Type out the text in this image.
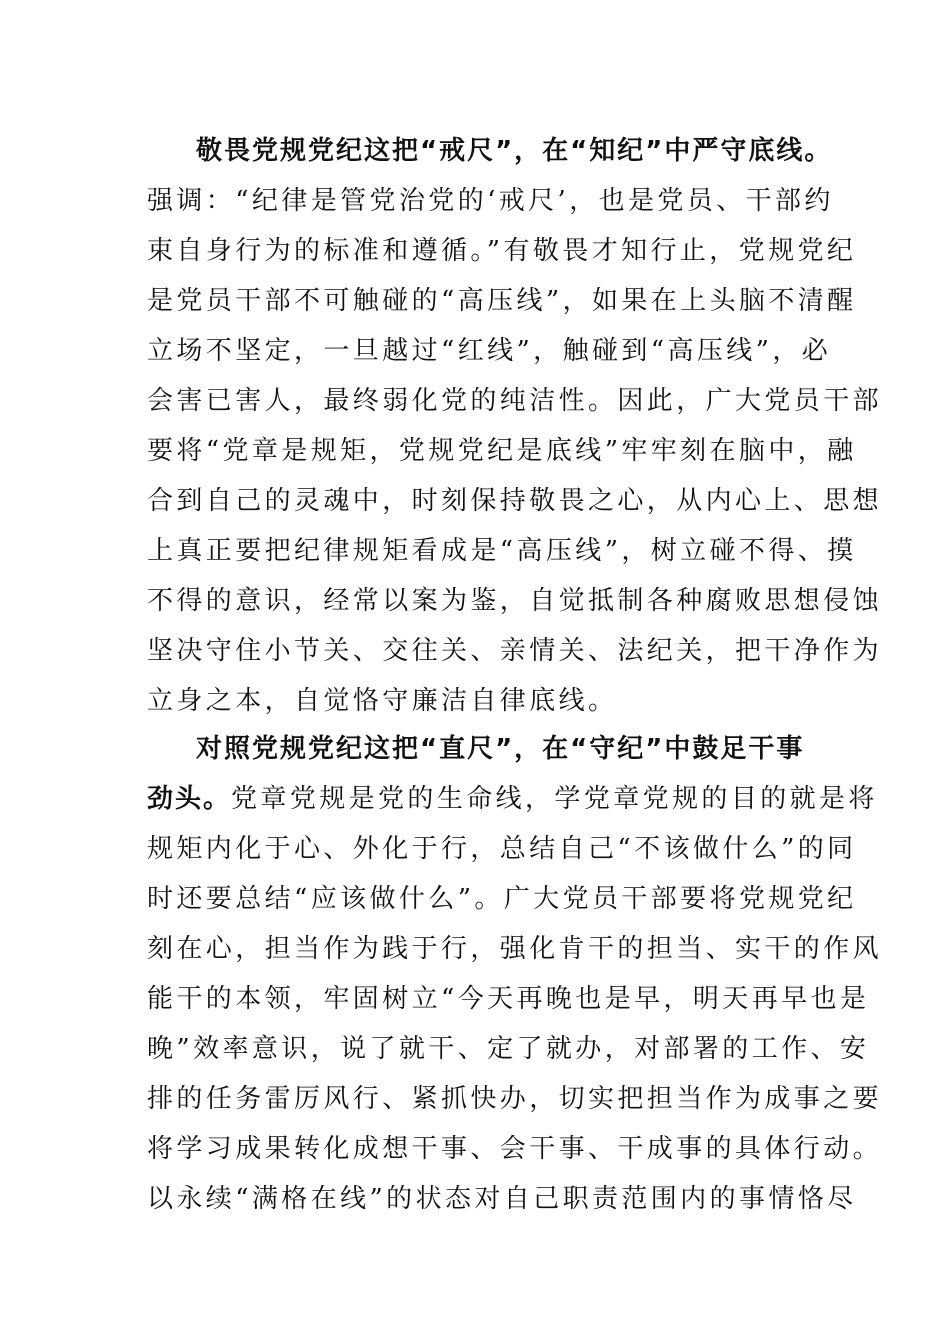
敬畏党规党纪这把“戒尺”，在“知纪”中严守底线。
强调：“纪律是管党治党的‘戒尺’，也是党员、干部约
束自身行为的标准和遵循。”有敬畏才知行止，党规党纪
是党员干部不可触碰的“高压线”，如果在上头脑不清醒
立场不坚定，一旦越过“红线”，触碰到“高压线”，必
会害已害人，最终弱化党的纯洁性。因此，广大党员干部
要将“党章是规矩，党规党纪是底线”牢牢刻在脑中，融
合到自己的灵魂中，时刻保持敬畏之心，从内心上、思想
上真正要把纪律规矩看成是“高压线”，树立碰不得、摸
不得的意识，经常以案为鉴，自觉抵制各种腐败思想侵蚀
坚决守住小节关、交往关、亲情关、法纪关，把干净作为
立身之本，自觉恪守廉洁自律底线。
对照党规党纪这把“直尺”，在“守纪”中鼓足干事
劲头。党章党规是党的生命线，学党章党规的目的就是将
规矩内化于心、外化于行，总结自己“不该做什么”的同
时还要总结“应该做什么”。广大党员干部要将党规党纪
刻在心，担当作为践于行，强化肯干的担当、实干的作风
能干的本领，牢固树立“今天再晚也是早，明天再早也是
晚”效率意识，说了就干、定了就办，对部署的工作、安
排的任务雷厉风行、紧抓快办，切实把担当作为成事之要
将学习成果转化成想干事、会干事、干成事的具体行动。
以永续“满格在线”的状态对自己职责范围内的事情恪尽
